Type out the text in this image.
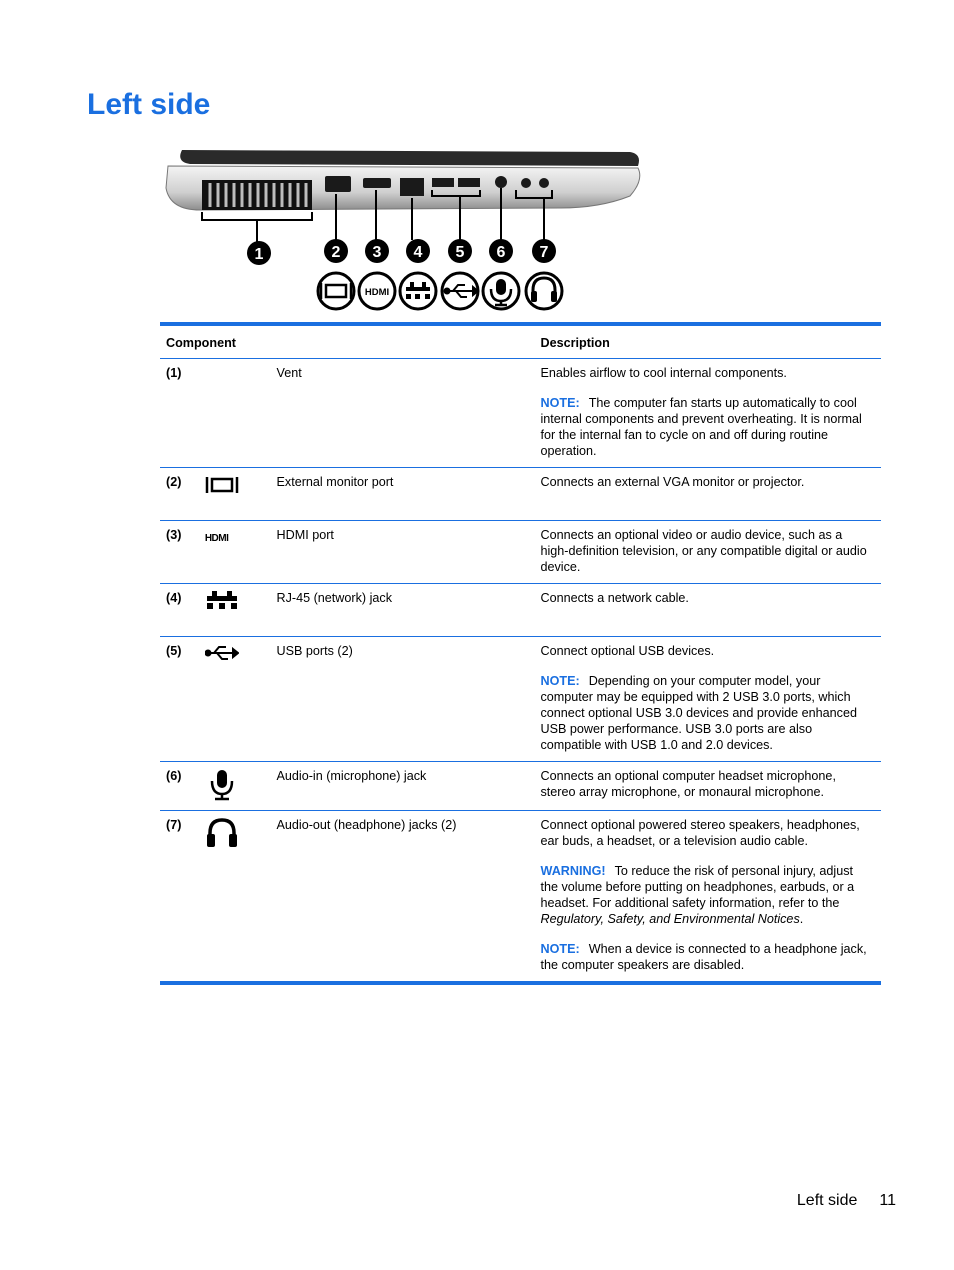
Left side
1	2 3 4 5 6 7
HDMI
Component			Description
(1)		Vent	Enables airflow to cool internal components.
NOTE: The computer fan starts up automatically to cool internal components and prevent overheating. It is normal for the internal fan to cycle on and off during routine operation.

(2)		External monitor port	Connects an external VGA monitor or projector.
(3)	HDMI	HDMI port	Connects an optional video or audio device, such as a high-definition television, or any compatible digital or audio device.
(4)		RJ-45 (network) jack	Connects a network cable.
(5)		USB ports (2)	Connect optional USB devices.
NOTE: Depending on your computer model, your computer may be equipped with 2 USB 3.0 ports, which connect optional USB 3.0 devices and provide enhanced USB power performance. USB 3.0 ports are also compatible with USB 1.0 and 2.0 devices.

(6)		Audio-in (microphone) jack	Connects an optional computer headset microphone, stereo array microphone, or monaural microphone.
(7)		Audio-out (headphone) jacks (2)	Connect optional powered stereo speakers, headphones, ear buds, a headset, or a television audio cable.
WARNING! To reduce the risk of personal injury, adjust the volume before putting on headphones, earbuds, or a headset. For additional safety information, refer to the Regulatory, Safety, and Environmental Notices.
NOTE: When a device is connected to a headphone jack, the computer speakers are disabled.
Left side 11
